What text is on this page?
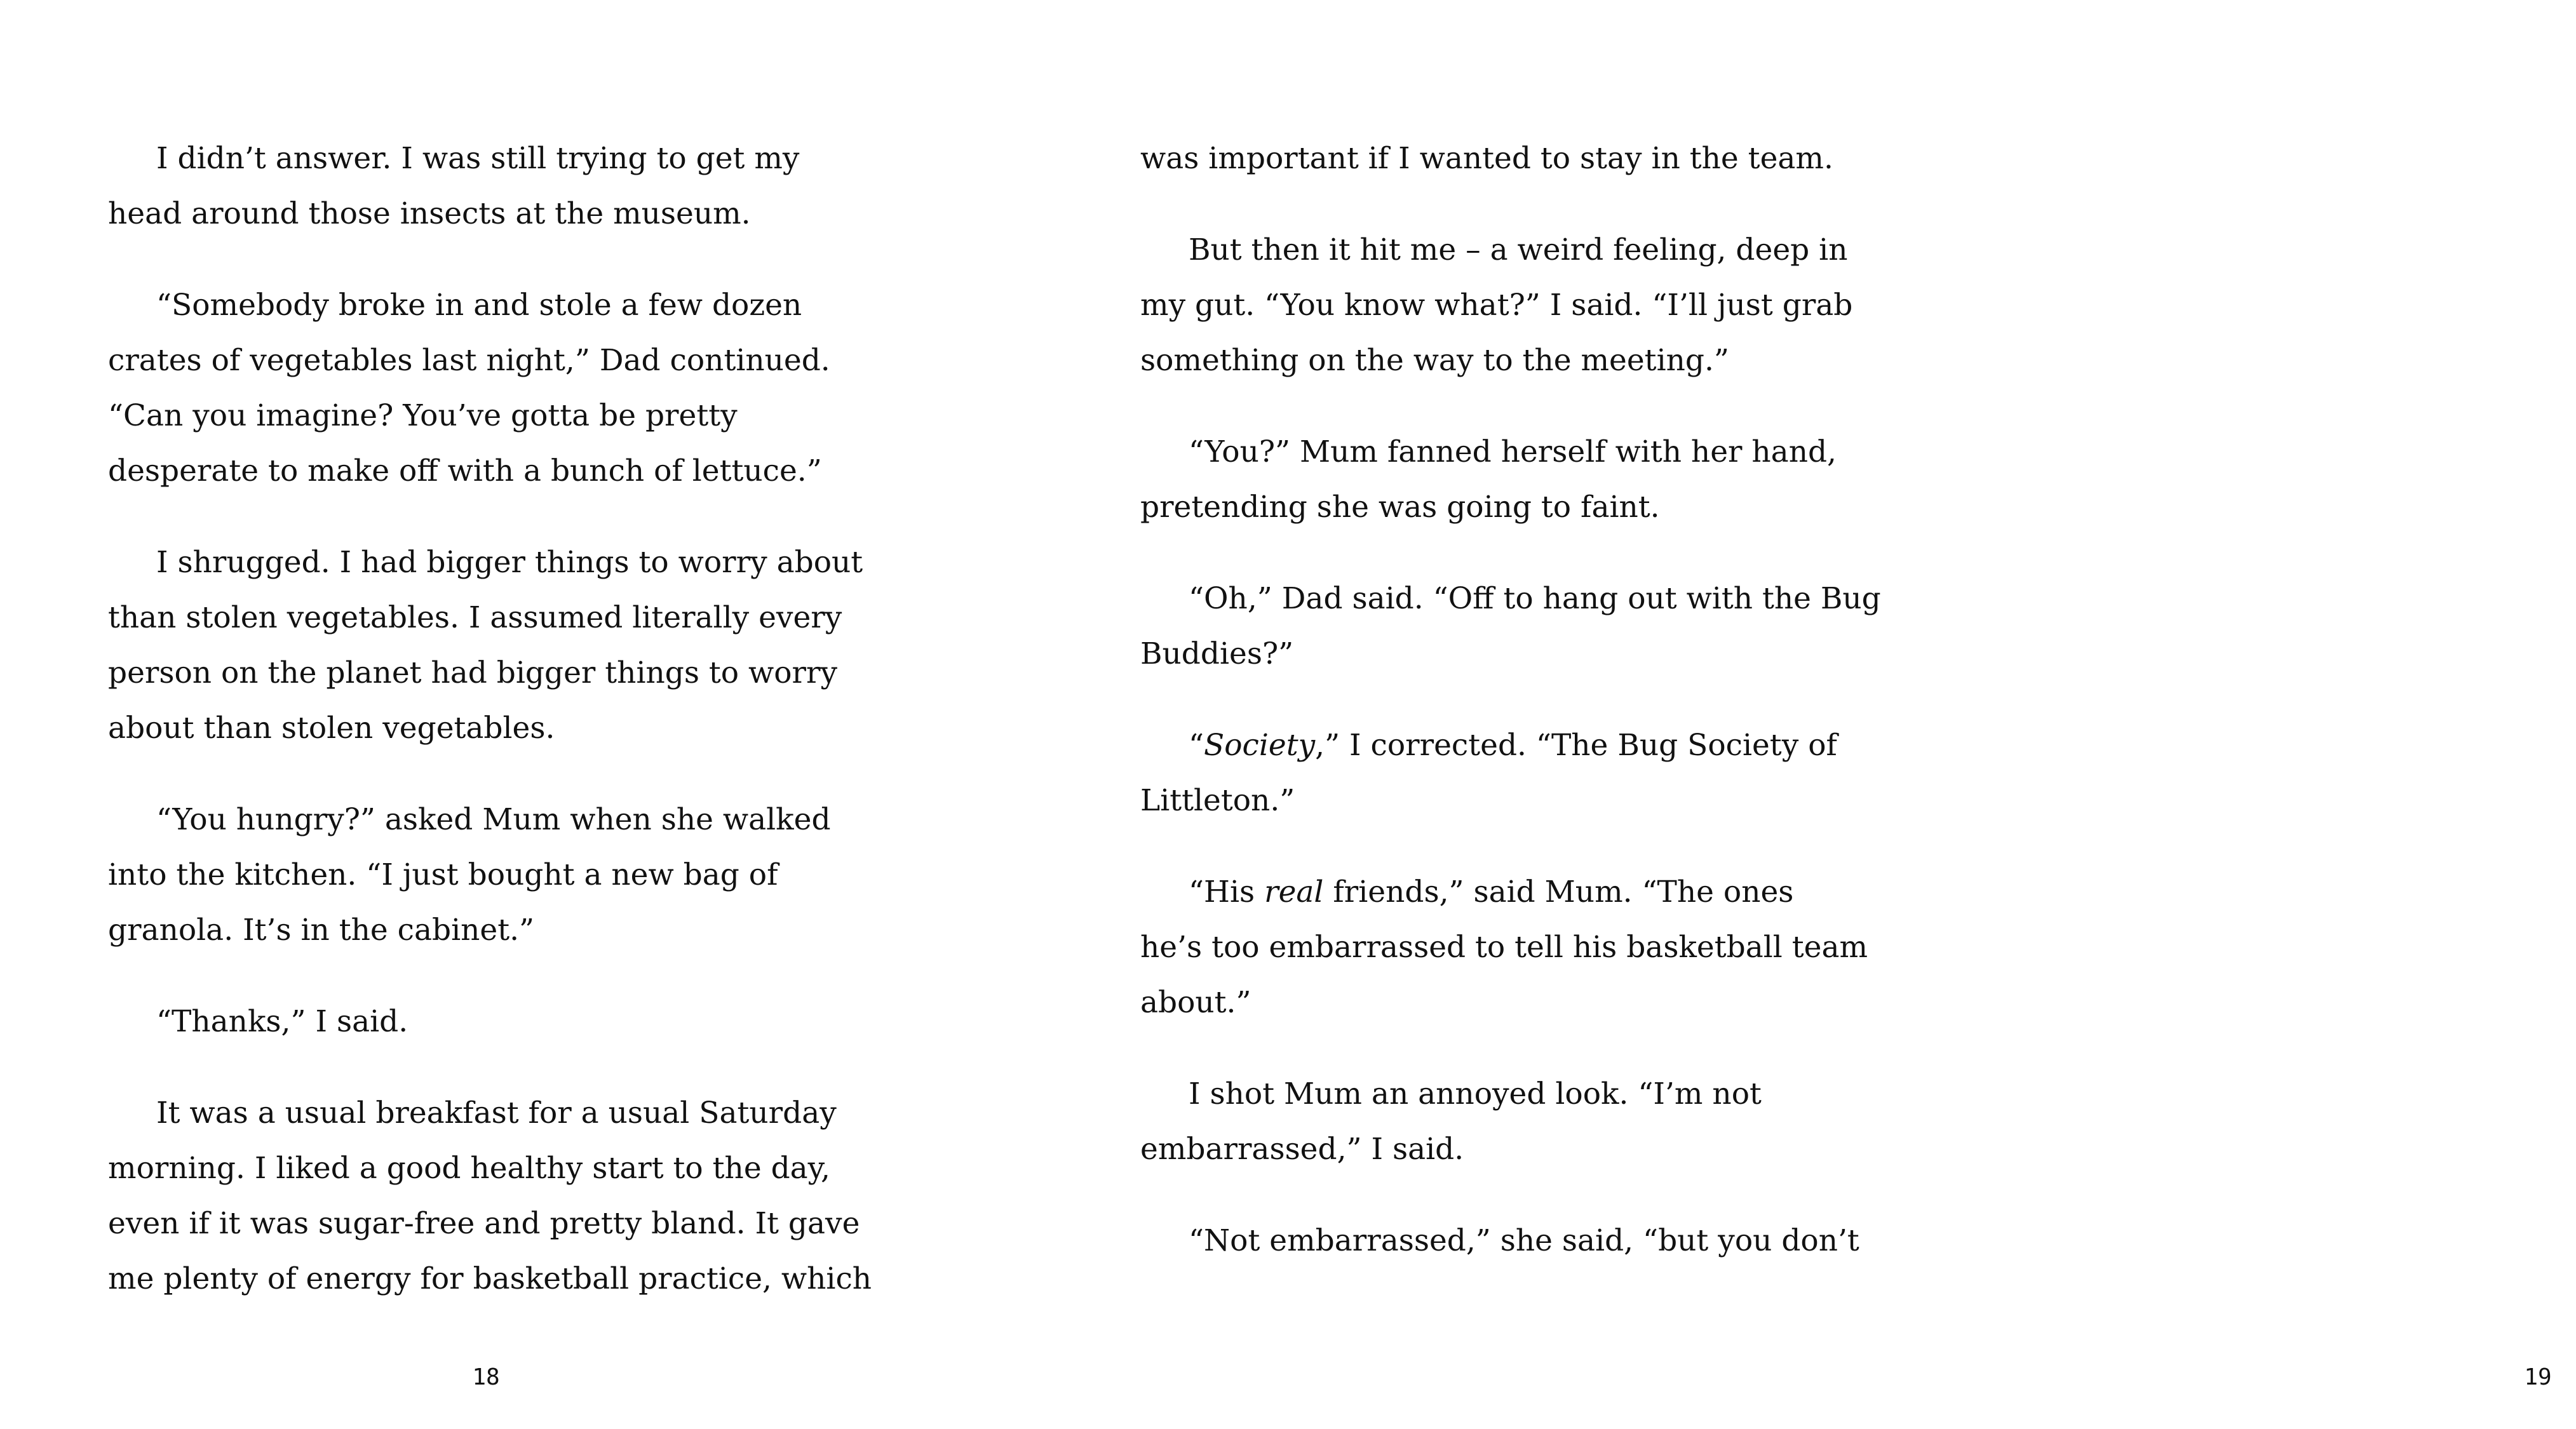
I didn’t answer. I was still trying to get my
head around those insects at the museum.

“Somebody broke in and stole a few dozen
crates of vegetables last night,” Dad continued.
“Can you imagine? You’ve gotta be pretty
desperate to make off with a bunch of lettuce.”

I shrugged. I had bigger things to worry about
than stolen vegetables. I assumed literally every
person on the planet had bigger things to worry
about than stolen vegetables.

“You hungry?” asked Mum when she walked
into the kitchen. “I just bought a new bag of
granola. It’s in the cabinet.”

“Thanks,” I said.

It was a usual breakfast for a usual Saturday
morning. I liked a good healthy start to the day,
even if it was sugar-free and pretty bland. It gave
me plenty of energy for basketball practice, which

18	19

was important if I wanted to stay in the team.

But then it hit me – a weird feeling, deep in
my gut. “You know what?” I said. “I’ll just grab
something on the way to the meeting.”

“You?” Mum fanned herself with her hand,
pretending she was going to faint.

“Oh,” Dad said. “Off to hang out with the Bug
Buddies?”

“Society,” I corrected. “The Bug Society of
Littleton.”

“His real friends,” said Mum. “The ones
he’s too embarrassed to tell his basketball team
about.”

I shot Mum an annoyed look. “I’m not
embarrassed,” I said.

“Not embarrassed,” she said, “but you don’t
